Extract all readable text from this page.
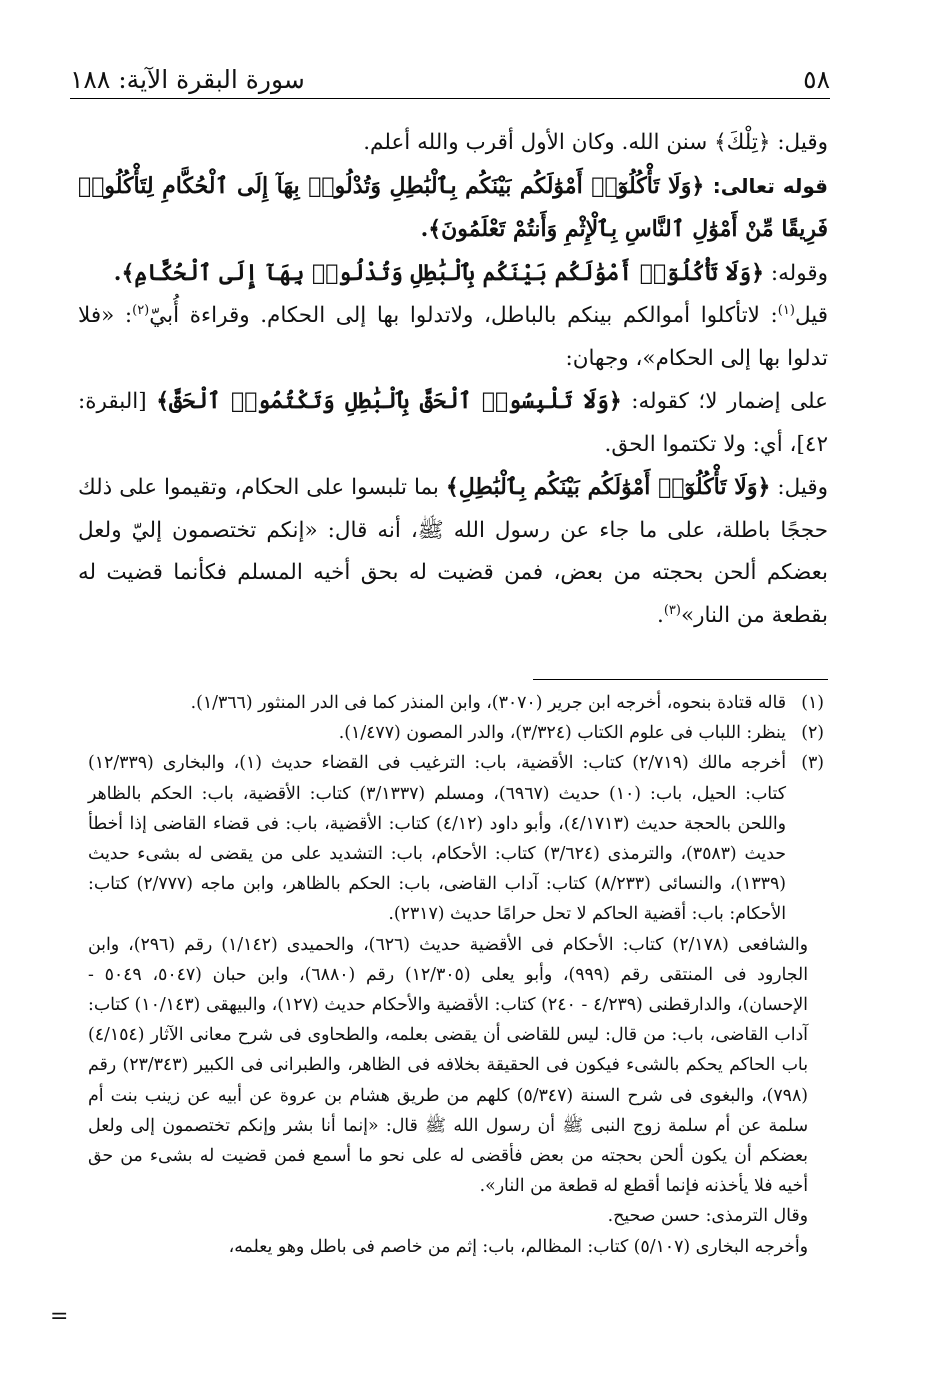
٥٨
سورة البقرة الآية: ١٨٨

وقيل: ﴿تِلْكَ﴾ سنن الله. وكان الأول أقرب والله أعلم.

قوله تعالى: ﴿وَلَا تَأْكُلُوٓا۟ أَمْوَٰلَكُم بَيْنَكُم بِٱلْبَٰطِلِ وَتُدْلُوا۟ بِهَآ إِلَى ٱلْحُكَّامِ لِتَأْكُلُوا۟ فَرِيقًا مِّنْ أَمْوَٰلِ ٱلنَّاسِ بِٱلْإِثْمِ وَأَنتُمْ تَعْلَمُونَ﴾.

وقوله: ﴿وَلَا تَأْكُلُوٓا۟ أَمْوَٰلَكُم بَيْنَكُم بِٱلْبَٰطِلِ وَتُدْلُوا۟ بِهَآ إِلَى ٱلْحُكَّامِ﴾.

قيل$^{(١)}$: لاتأكلوا أموالكم بينكم بالباطل، ولاتدلوا بها إلى الحكام. وقراءة أُبيّ$^{(٢)}$: «فلا تدلوا بها إلى الحكام»، وجهان:

على إضمار لا؛ كقوله: ﴿وَلَا تَلْبِسُوا۟ ٱلْحَقَّ بِٱلْبَٰطِلِ وَتَكْتُمُوا۟ ٱلْحَقَّ﴾ [البقرة: ٤٢]، أي: ولا تكتموا الحق.

وقيل: ﴿وَلَا تَأْكُلُوٓا۟ أَمْوَٰلَكُم بَيْنَكُم بِٱلْبَٰطِلِ﴾ بما تلبسوا على الحكام، وتقيموا على ذلك حججًا باطلة، على ما جاء عن رسول الله ﷺ، أنه قال: «إنكم تختصمون إليّ ولعل بعضكم ألحن بحجته من بعض، فمن قضيت له بحق أخيه المسلم فكأنما قضيت له بقطعة من النار»$^{(٣)}$.

(١)
قاله قتادة بنحوه، أخرجه ابن جرير (٣٠٧٠)، وابن المنذر كما فى الدر المنثور (١/٣٦٦).
(٢)
ينظر: اللباب فى علوم الكتاب (٣/٣٢٤)، والدر المصون (١/٤٧٧).
(٣)
أخرجه مالك (٢/٧١٩) كتاب: الأقضية، باب: الترغيب فى القضاء حديث (١)، والبخارى (١٢/٣٣٩) كتاب: الحيل، باب: (١٠) حديث (٦٩٦٧)، ومسلم (٣/١٣٣٧) كتاب: الأقضية، باب: الحكم بالظاهر واللحن بالحجة حديث (٤/١٧١٣)، وأبو داود (٤/١٢) كتاب: الأقضية، باب: فى قضاء القاضى إذا أخطأ حديث (٣٥٨٣)، والترمذى (٣/٦٢٤) كتاب: الأحكام، باب: التشديد على من يقضى له بشىء حديث (١٣٣٩)، والنسائى (٨/٢٣٣) كتاب: آداب القاضى، باب: الحكم بالظاهر، وابن ماجه (٢/٧٧٧) كتاب: الأحكام: باب: أقضية الحاكم لا تحل حرامًا حديث (٢٣١٧).
والشافعى (٢/١٧٨) كتاب: الأحكام فى الأقضية حديث (٦٢٦)، والحميدى (١/١٤٢) رقم (٢٩٦)، وابن الجارود فى المنتقى رقم (٩٩٩)، وأبو يعلى (١٢/٣٠٥) رقم (٦٨٨٠)، وابن حبان (٥٠٤٧، ٥٠٤٩ - الإحسان)، والدارقطنى (٤/٢٣٩ - ٢٤٠) كتاب: الأقضية والأحكام حديث (١٢٧)، والبيهقى (١٠/١٤٣) كتاب: آداب القاضى، باب: من قال: ليس للقاضى أن يقضى بعلمه، والطحاوى فى شرح معانى الآثار (٤/١٥٤) باب الحاكم يحكم بالشىء فيكون فى الحقيقة بخلافه فى الظاهر، والطبرانى فى الكبير (٢٣/٣٤٣) رقم (٧٩٨)، والبغوى فى شرح السنة (٥/٣٤٧) كلهم من طريق هشام بن عروة عن أبيه عن زينب بنت أم سلمة عن أم سلمة زوج النبى ﷺ أن رسول الله ﷺ قال: «إنما أنا بشر وإنكم تختصمون إلى ولعل بعضكم أن يكون ألحن بحجته من بعض فأقضى له على نحو ما أسمع فمن قضيت له بشىء من حق أخيه فلا يأخذنه فإنما أقطع له قطعة من النار».
وقال الترمذى: حسن صحيح.
وأخرجه البخارى (٥/١٠٧) كتاب: المظالم، باب: إثم من خاصم فى باطل وهو يعلمه،
=
